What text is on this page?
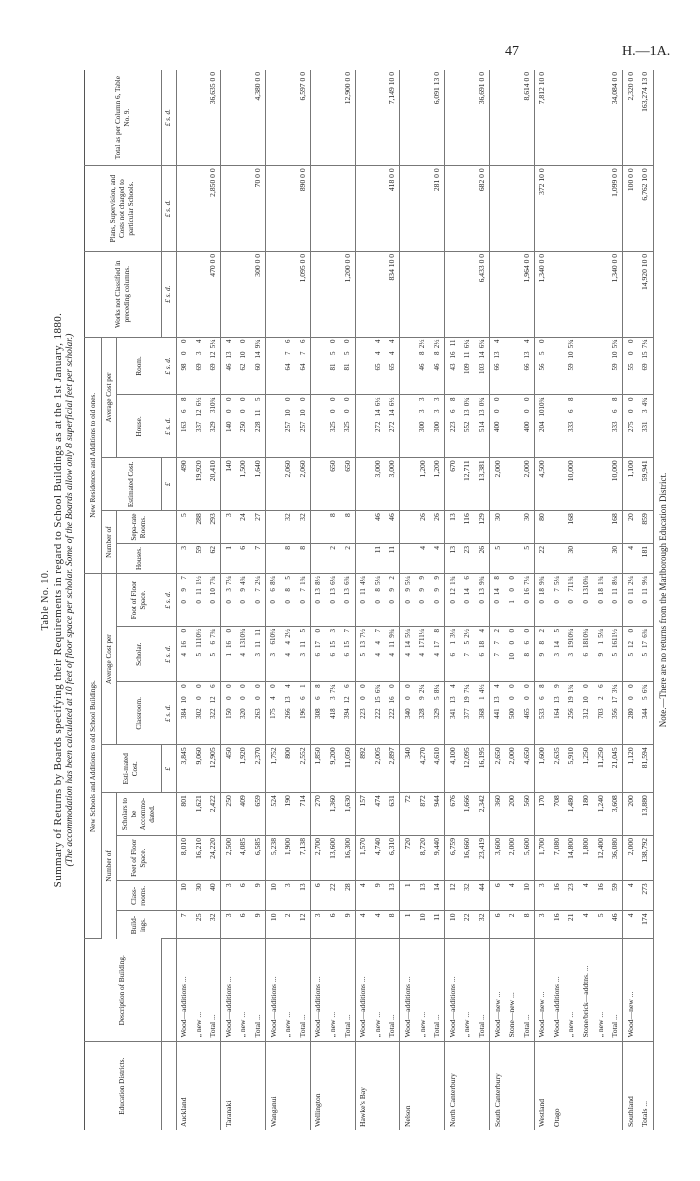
47	H.—1A.
Table No. 10. Summary of Returns by Boards specifying their Requirements in regard to School Buildings as at the 1st January, 1880. (The accommodation has been calculated at 10 feet of floor space per scholar. Some of the Boards allow only 8 superficial feet per scholar.)
Education Districts.	Description of Building.	New Schools and Additions to old School Buildings.								New Residences and Additions to old ones.					Works not Classified in preceding columns.	Plans, Supervision, and Costs not charged to particular Schools.	Total as per Column 6, Table No. 9.
		Number of				Esti-mated Cost.	Average Cost per			Number of		Estimated Cost.	Average Cost per				
		Build-ings.	Class-rooms.	Feet of Floor Space.	Scholars to be Accommo-dated.		Classroom.	Scholar.	Foot of Floor Space.	Houses.	Sepa-rate Rooms.		House.	Room.			
						£	£ s. d.	£ s. d.	£ s. d.			£	£ s. d.	£ s. d.	£ s. d.	£ s. d.	£ s. d.
Auckland	Wood—additions ...	7	10	8,010	801	3,845	384100	4160	097	3	5	490	16368	9800			
	„ new ...	25	30	16,210	1,621	9,060	30200	51110½	0111½	59	288	19,920	337126½	6934			
	Total ...	32	40	24,220	2,422	12,905	322126	567¾	0107¾	62	293	20,410	329310¾	69125¼	470 0 0	2,850 0 0	36,635 0 0
Taranaki	Wood—additions ...	3	3	2,500	250	450	15000	1160	037¼	1	3	140	14000	46134			
	„ new ...	6	6	4,085	409	1,920	32000	41310¾	094¾	6	24	1,500	25000	62100			
	Total ...	9	9	6,585	659	2,370	26300	31111	072¼	7	27	1,640	228115	60149¾	300 0 0	70 0 0	4,380 0 0
Wanganui	Wood—additions ...	10	10	5,238	524	1,752	17540	3610¼	068¼								
	„ new ...	2	3	1,900	190	800	266134	442½	085	8	32	2,060	257100	6476			
	Total ...	12	13	7,138	714	2,552	19661	3115	071¾	8	32	2,060	257100	6476	1,095 0 0	890 0 0	6,597 0 0
Wellington	Wood—additions ...	3	6	2,700	270	1,850	30868	6170	0138½								
	„ new ...	6	22	13,600	1,360	9,200	41837¼	6153	0136¼	2	8	650	32500	8150			
	Total ...	9	28	16,300	1,630	11,050	394126	6157	0136¾	2	8	650	32500	8150	1,200 0 0		12,900 0 0
Hawke's Bay	Wood—additions ...	4	4	1,570	157	892	22300	5137½	0114¼								
	„ new ...	4	9	4,740	474	2,005	222156¾	447	085¼	11	46	3,000	272146½	6544			
	Total ...	8	13	6,310	631	2,897	222160	4119¾	092	11	46	3,000	272146½	6544	834 10 0	418 0 0	7,149 10 0
Nelson	Wood—additions ...	1	1	720	72	340	34000	4145¼	095¼								
	„ new ...	10	13	8,720	872	4,270	32892¼	41711¼	099	4	26	1,200	30033	4682½			
	Total ...	11	14	9,440	944	4,610	32958¼	4178	099	4	26	1,200	30033	4682½		281 0 0	6,091 13 0
North Canterbury	Wood—additions ...	10	12	6,759	676	4,100	341134	613¼	0121¾	13	13	670	22368	431611			
	„ new ...	22	32	16,660	1,666	12,095	377197¼	752½	0146	23	116	12,711	552130¾	109116¼			
	Total ...	32	44	23,419	2,342	16,195	36814½	6184	0139¾	26	129	13,381	514130¾	103146¾	6,433 0 0	682 0 0	36,691 0 0
South Canterbury	Wood—new ...	6	6	3,600	360	2,650	441134	772	0148	5	30	2,000	40000	66134			
	Stone—new ...	2	4	2,000	200	2,000	50000	1000	100								
	Total ...	8	10	5,600	560	4,650	46500	860	0167¼	5	30	2,000	40000	66134	1,964 0 0		8,614 0 0
Westland	Wood—new ...	3	3	1,700	170	1,600	53368	982	0189¾	22	80	4,500	2041010¾	5650	1,340 0 0	372 10 0	7,812 10 0
Otago	Wood—additions ...	16	16	7,080	708	2,635	164139	3145	075¼								
	„ new ...	21	23	14,800	1,480	5,910	256191¾	31910¼	0711¾	30	168	10,000	33368	59105¾			
	Stone/brick—addtns. ...	4	4	1,800	180	1,250	312100	61810¾	01310¾								
	„ new ...	5	16	12,400	1,240	11,250	70326	915¼	0181¾								
	Total ...	46	59	36,080	3,608	21,045	356173¼	51611½	0118¼	30	168	10,000	33368	59105¾	1,340 0 0	1,099 0 0	34,084 0 0
Southland	Wood—new ...	4	4	2,000	200	1,120	28000	5120	0112¼	4	20	1,100	27500	5500		100 0 0	2,320 0 0
Totals ...		174	273	138,792	13,880	81,594	34456¾	5176¾	0119¼	181	859	59,941	33134¾	69157¼	14,920 10 0	6,762 10 0	163,274 13 0
Note.—There are no returns from the Marlborough Education District.
